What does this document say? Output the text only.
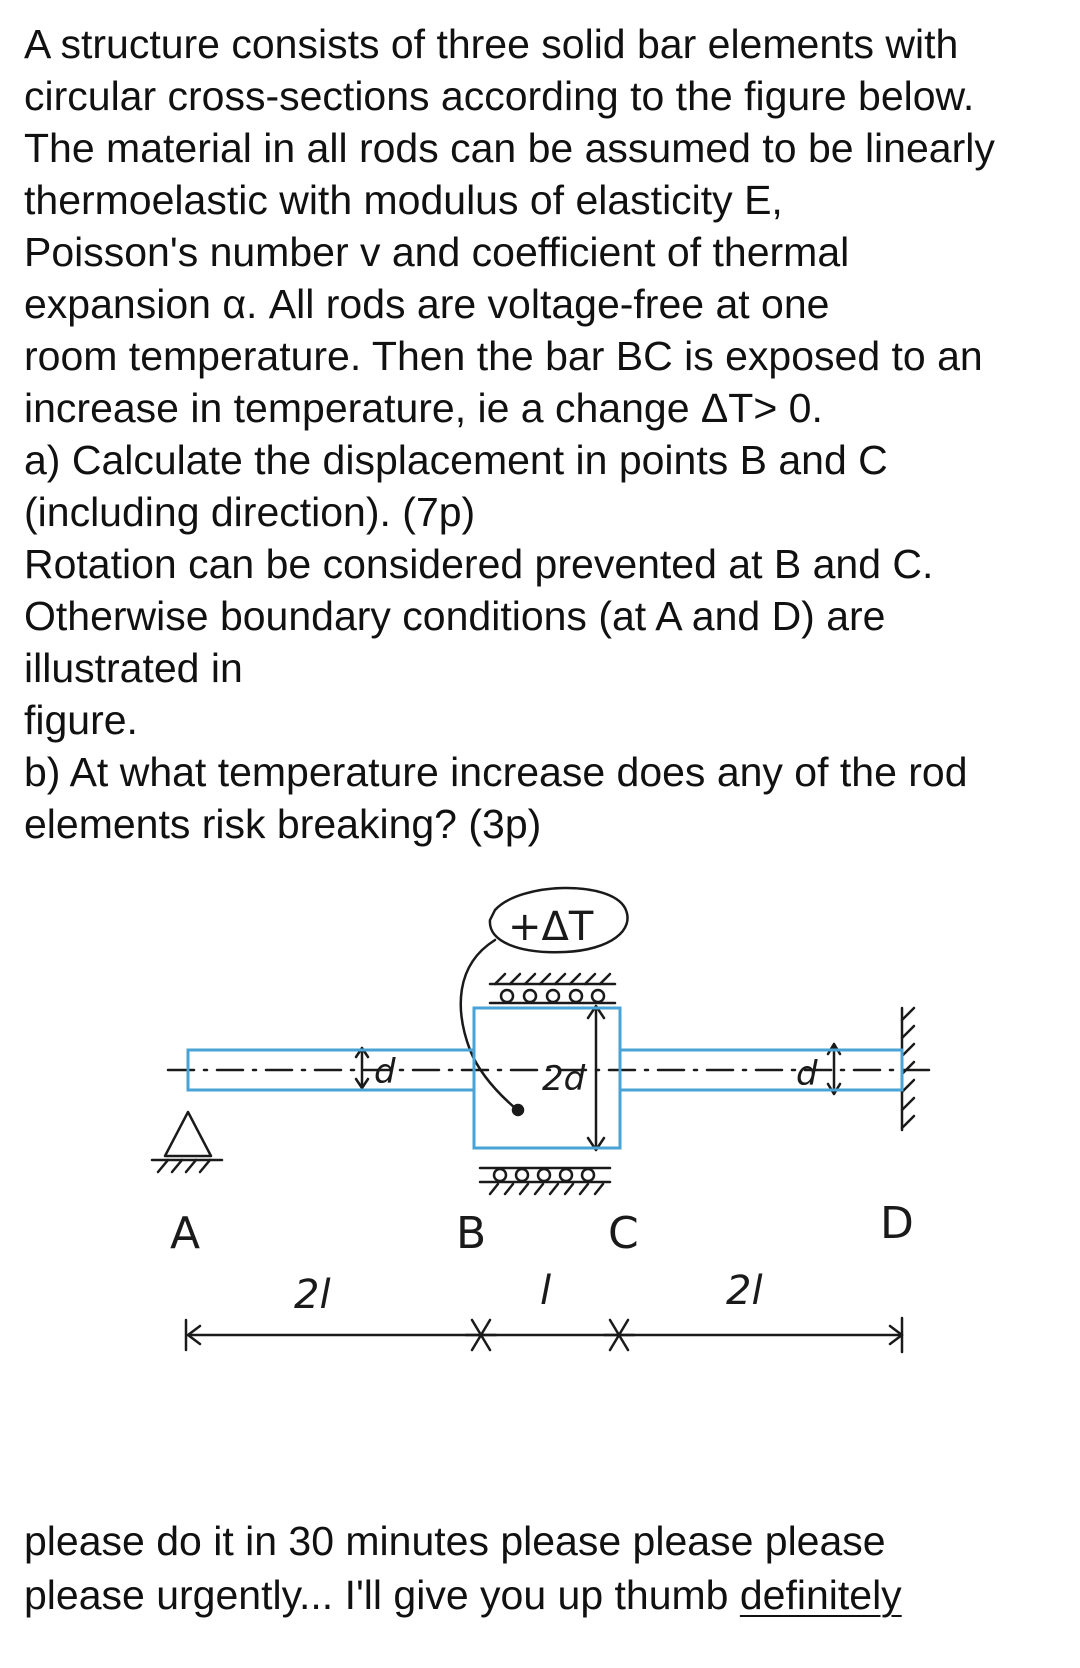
A structure consists of three solid bar elements with
circular cross-sections according to the figure below.
The material in all rods can be assumed to be linearly
thermoelastic with modulus of elasticity E,
Poisson's number v and coefficient of thermal
expansion α. All rods are voltage-free at one
room temperature. Then the bar BC is exposed to an
increase in temperature, ie a change ΔT> 0.
a) Calculate the displacement in points B and C
(including direction). (7p)
Rotation can be considered prevented at B and C.
Otherwise boundary conditions (at A and D) are
illustrated in
figure.
b) At what temperature increase does any of the rod
elements risk breaking? (3p)
+ΔT
d	2d	d
A	B	C	D
2l	l	2l
please do it in 30 minutes please please please
please urgently... I'll give you up thumb definitely
